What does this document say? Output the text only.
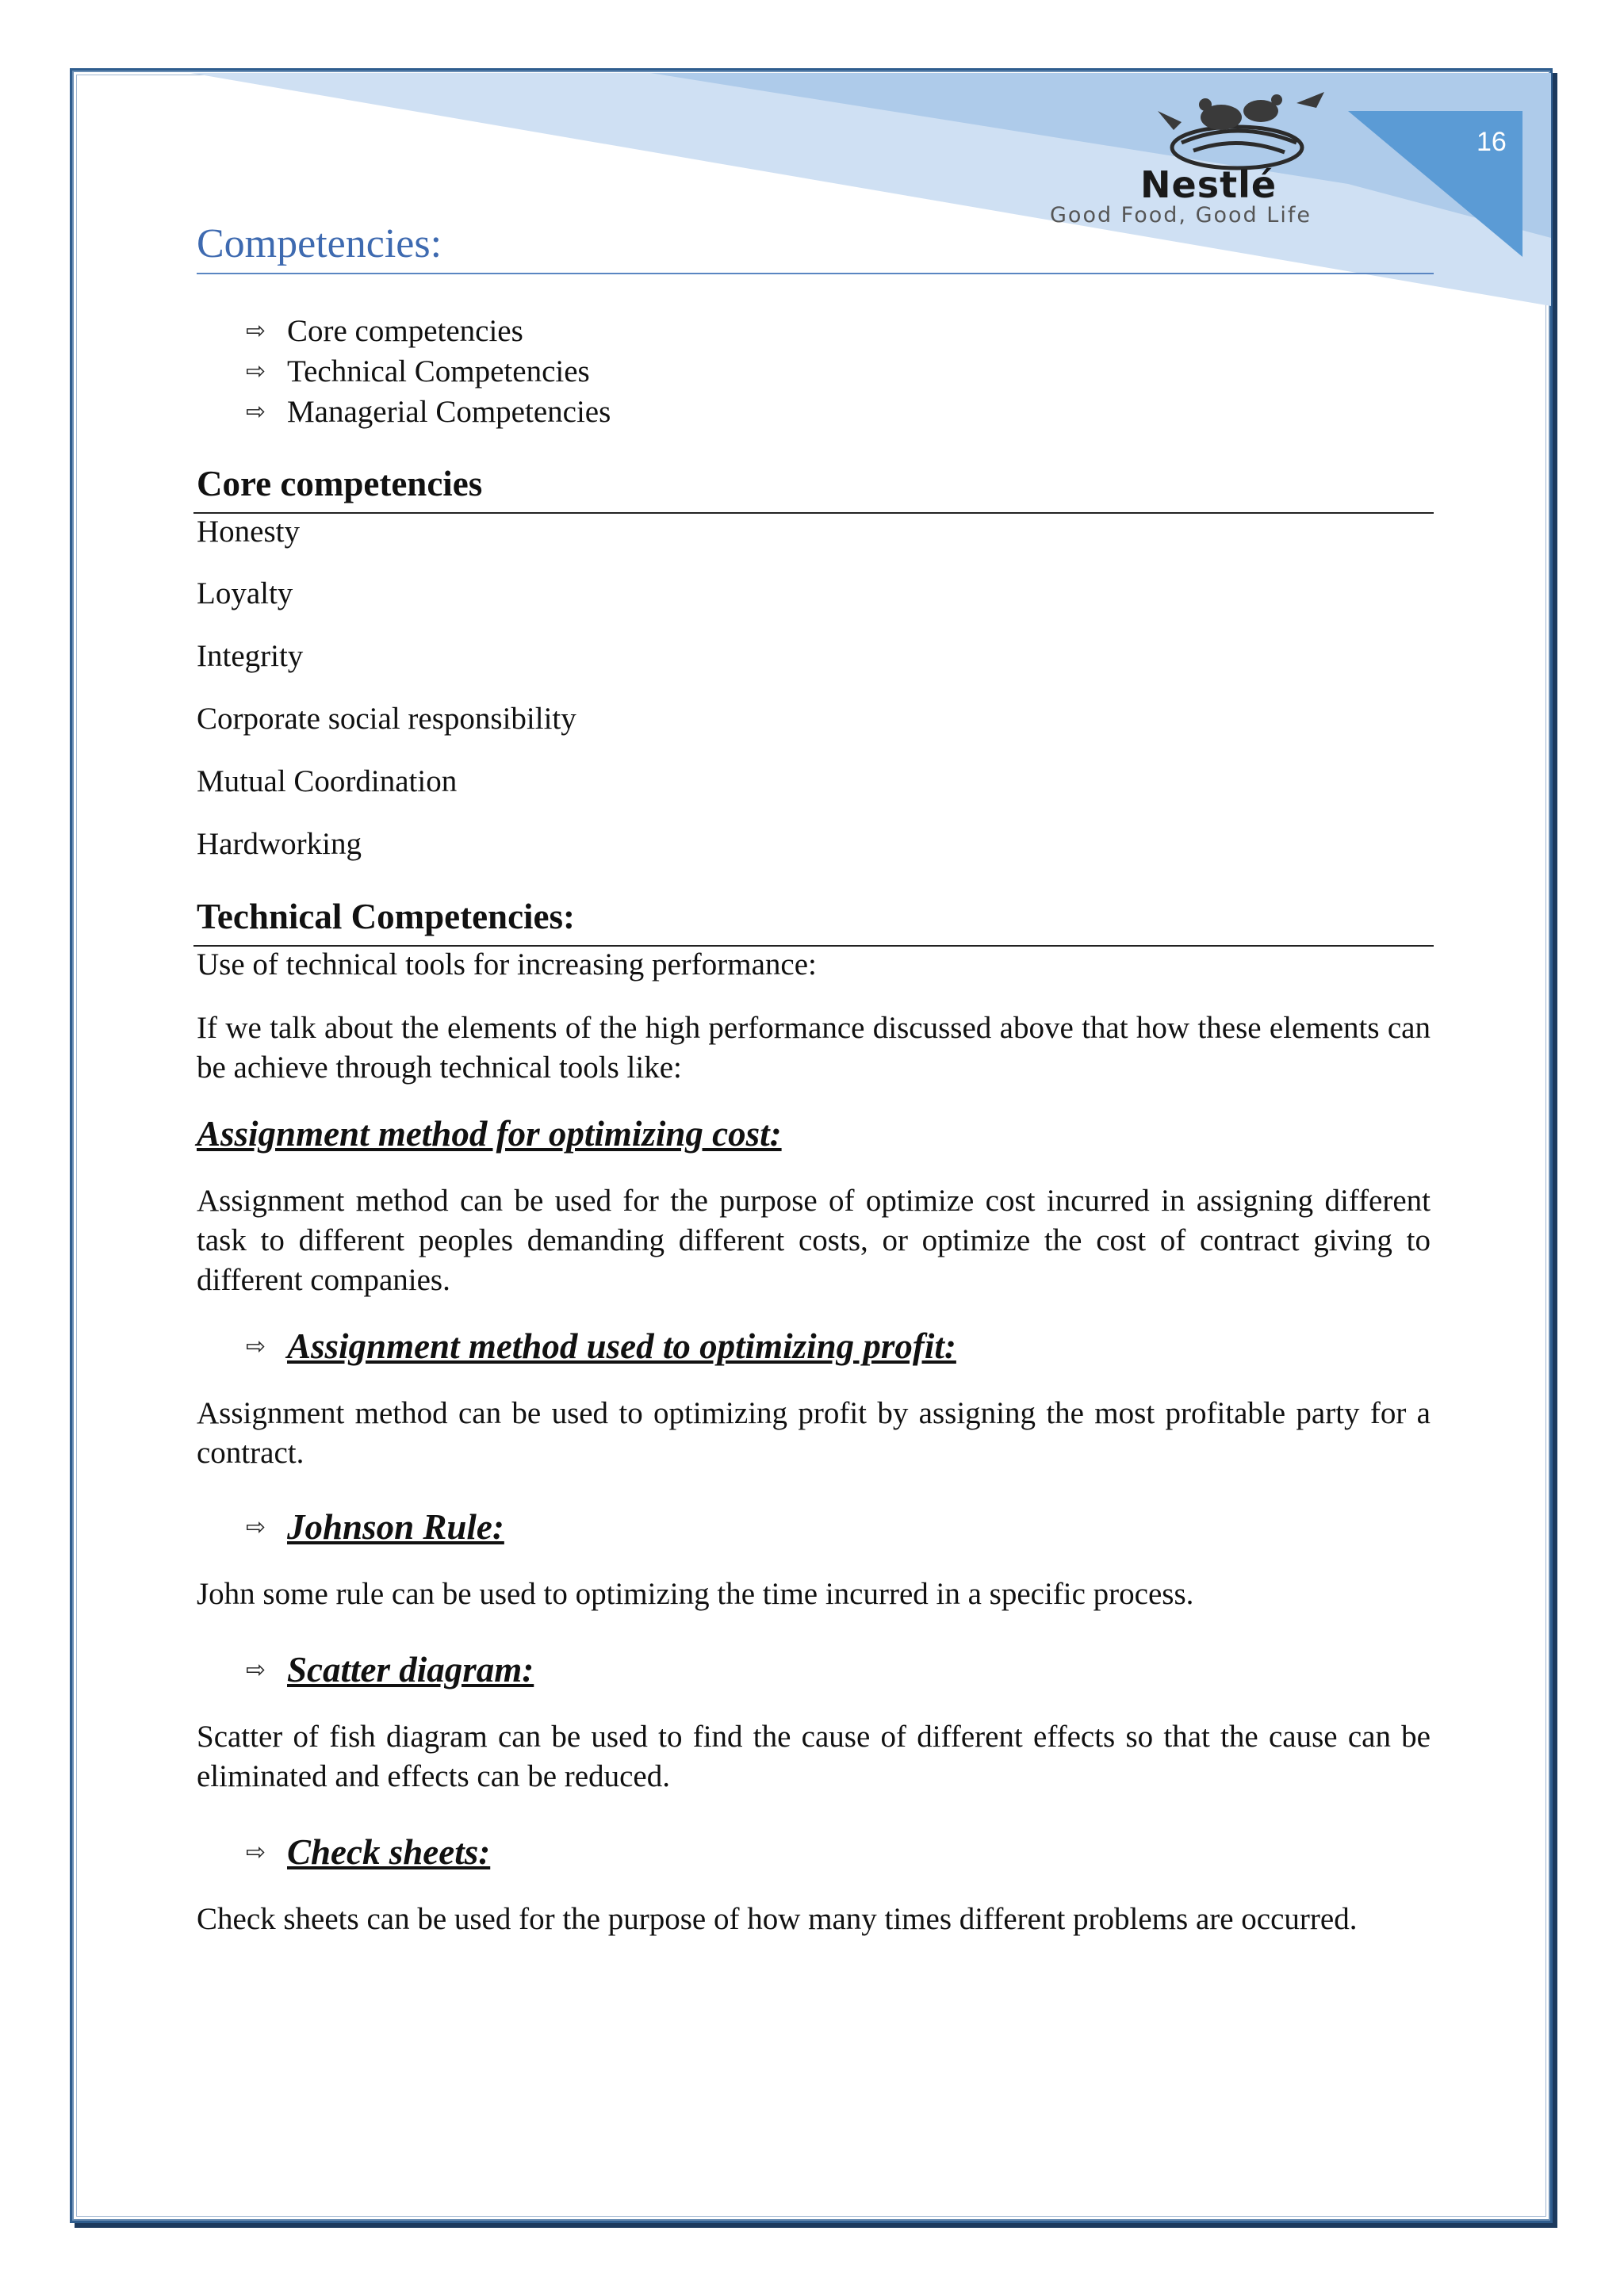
16
Nestlé
Good Food, Good Life
Competencies:
⇨ Core competencies
⇨ Technical Competencies
⇨ Managerial Competencies
Core competencies
Honesty
Loyalty
Integrity
Corporate social responsibility
Mutual Coordination
Hardworking
Technical Competencies:
Use of technical tools for increasing performance:

If we talk about the elements of the high performance discussed above that how these elements can be achieve through technical tools like:

Assignment method for optimizing cost:

Assignment method can be used for the purpose of optimize cost incurred in assigning different task to different peoples demanding different costs, or optimize the cost of contract giving to different companies.

⇨ Assignment method used to optimizing profit:

Assignment method can be used to optimizing profit by assigning the most profitable party for a contract.

⇨ Johnson Rule:

John some rule can be used to optimizing the time incurred in a specific process.

⇨ Scatter diagram:

Scatter of fish diagram can be used to find the cause of different effects so that the cause can be eliminated and effects can be reduced.

⇨ Check sheets:

Check sheets can be used for the purpose of how many times different problems are occurred.
